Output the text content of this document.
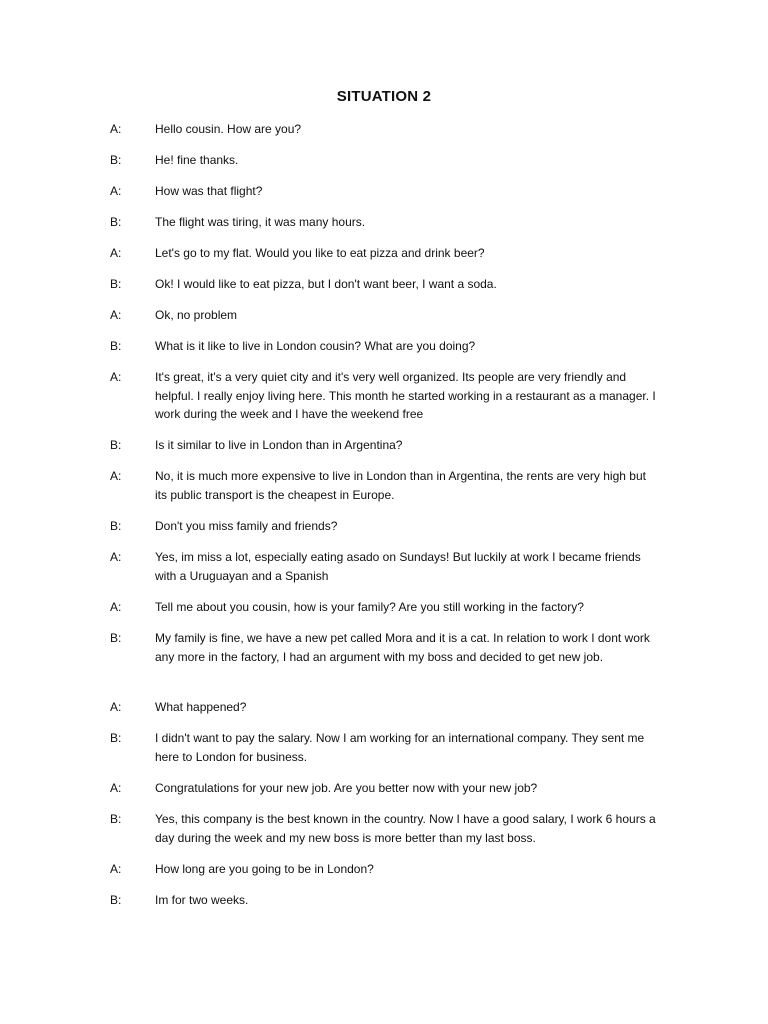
SITUATION 2
A:	Hello cousin. How are you?
B:	He! fine thanks.
A:	How was that flight?
B:	The flight was tiring, it was many hours.
A:	Let's go to my flat. Would you like to eat pizza and drink beer?
B:	Ok! I would like to eat pizza, but I don't want beer, I want a soda.
A:	Ok, no problem
B:	What is it like to live in London cousin? What are you doing?
A:	It's great, it's a very quiet city and it's very well organized. Its people are very friendly and helpful. I really enjoy living here. This month he started working in a restaurant as a manager. I work during the week and I have the weekend free
B:	Is it similar to live in London than in Argentina?
A:	No, it is much more expensive to live in London than in Argentina, the rents are very high but its public transport is the cheapest in Europe.
B:	Don't you miss family and friends?
A:	Yes, im miss a lot, especially eating asado on Sundays! But luckily at work I became friends with a Uruguayan and a Spanish
A:	Tell me about you cousin, how is your family? Are you still working in the factory?
B:	My family is fine, we have a new pet called Mora and it is a cat. In relation to work I dont work any more in the factory, I had an argument with my boss and decided to get new job.
A:	What happened?
B:	I didn't want to pay the salary. Now I am working for an international company. They sent me here to London for business.
A:	Congratulations for your new job. Are you better now with your new job?
B:	Yes, this company is the best known in the country. Now I have a good salary, I work 6 hours a day during the week and my new boss is more better than my last boss.
A:	How long are you going to be in London?
B:	Im for two weeks.
